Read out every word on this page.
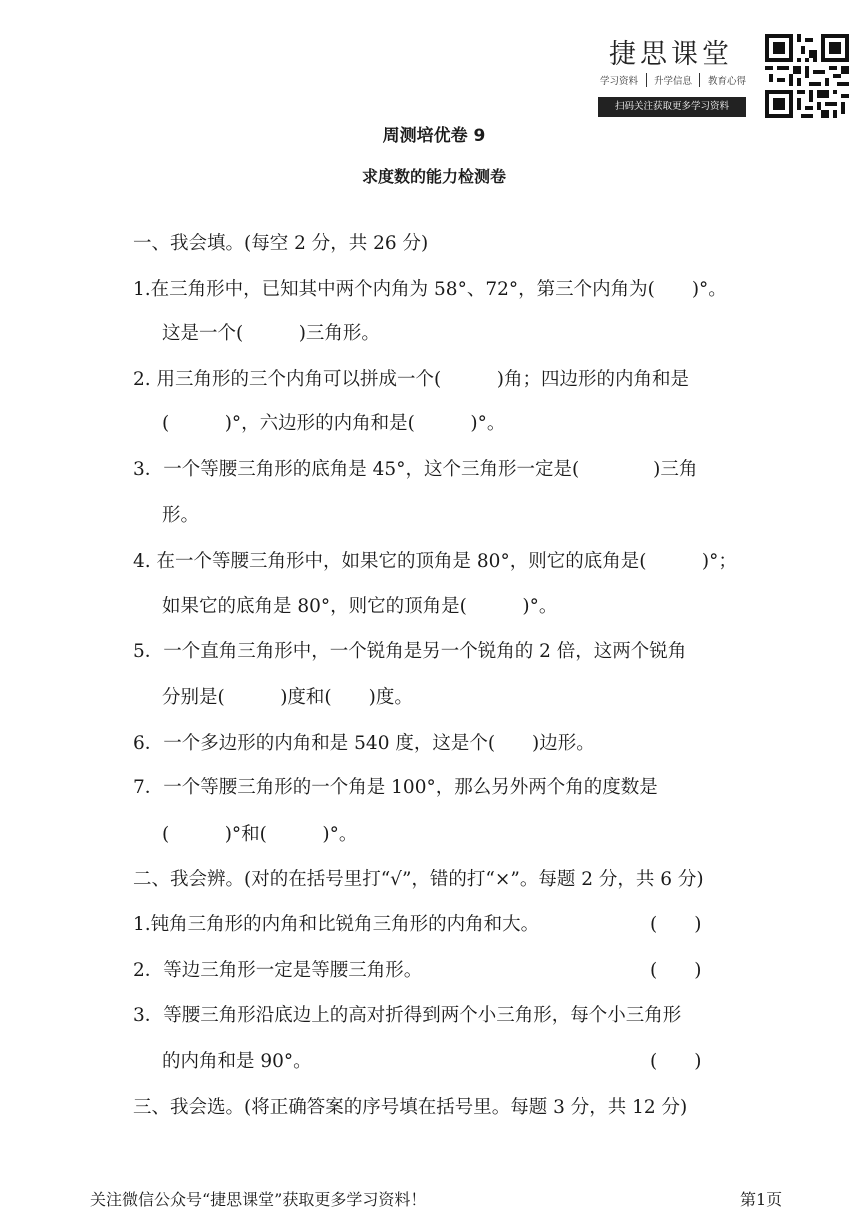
捷思课堂
学习资料 升学信息 教育心得
扫码关注获取更多学习资料
周测培优卷 9
求度数的能力检测卷
一、我会填。(每空 2 分，共 26 分)
1.在三角形中，已知其中两个内角为 58°、72°，第三个内角为(　　)°。
这是一个(　　　)三角形。
2. 用三角形的三个内角可以拼成一个(　　　)角；四边形的内角和是
(　　　)°，六边形的内角和是(　　　)°。
3．一个等腰三角形的底角是 45°，这个三角形一定是(　　　　)三角
形。
4. 在一个等腰三角形中，如果它的顶角是 80°，则它的底角是(　　　)°；
如果它的底角是 80°，则它的顶角是(　　　)°。
5．一个直角三角形中，一个锐角是另一个锐角的 2 倍，这两个锐角
分别是(　　　)度和(　　)度。
6．一个多边形的内角和是 540 度，这是个(　　)边形。
7．一个等腰三角形的一个角是 100°，那么另外两个角的度数是
(　　　)°和(　　　)°。
二、我会辨。(对的在括号里打“√”，错的打“×”。每题 2 分，共 6 分)
1.钝角三角形的内角和比锐角三角形的内角和大。	(　　)
2．等边三角形一定是等腰三角形。	(　　)
3．等腰三角形沿底边上的高对折得到两个小三角形，每个小三角形
的内角和是 90°。	(　　)
三、我会选。(将正确答案的序号填在括号里。每题 3 分，共 12 分)
关注微信公众号“捷思课堂”获取更多学习资料！	第1页
